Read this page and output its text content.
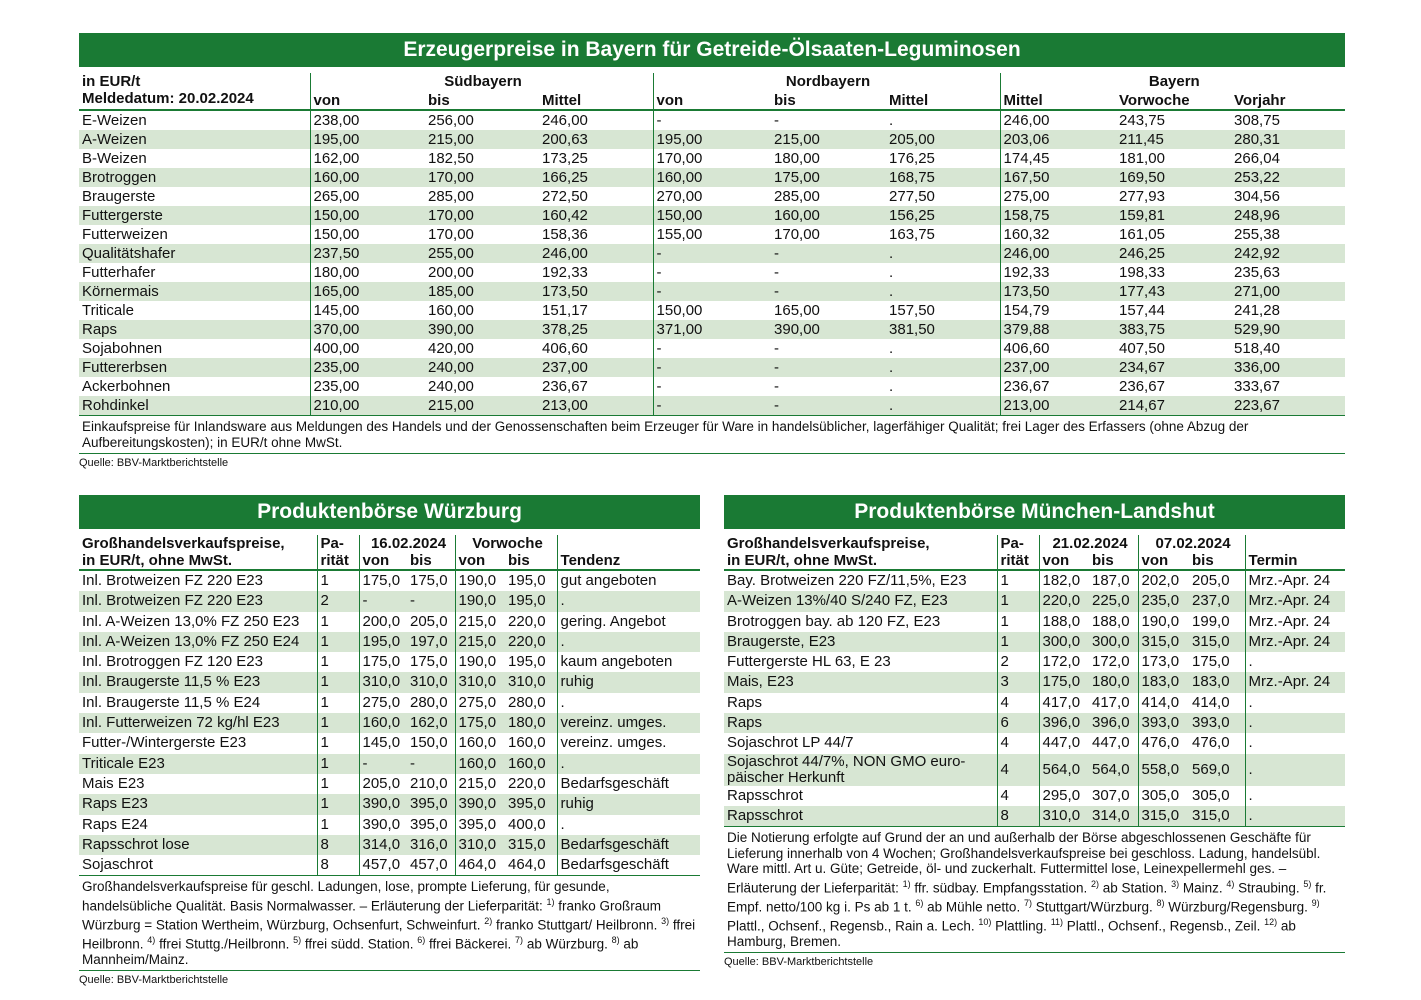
Erzeugerpreise in Bayern für Getreide-Ölsaaten-Leguminosen
in EUR/t	Südbayern			Nordbayern			Bayern		
Meldedatum: 20.02.2024	von	bis	Mittel	von	bis	Mittel	Mittel	Vorwoche	Vorjahr
E-Weizen	238,00	256,00	246,00	-	-	.	246,00	243,75	308,75
A-Weizen	195,00	215,00	200,63	195,00	215,00	205,00	203,06	211,45	280,31
B-Weizen	162,00	182,50	173,25	170,00	180,00	176,25	174,45	181,00	266,04
Brotroggen	160,00	170,00	166,25	160,00	175,00	168,75	167,50	169,50	253,22
Braugerste	265,00	285,00	272,50	270,00	285,00	277,50	275,00	277,93	304,56
Futtergerste	150,00	170,00	160,42	150,00	160,00	156,25	158,75	159,81	248,96
Futterweizen	150,00	170,00	158,36	155,00	170,00	163,75	160,32	161,05	255,38
Qualitätshafer	237,50	255,00	246,00	-	-	.	246,00	246,25	242,92
Futterhafer	180,00	200,00	192,33	-	-	.	192,33	198,33	235,63
Körnermais	165,00	185,00	173,50	-	-	.	173,50	177,43	271,00
Triticale	145,00	160,00	151,17	150,00	165,00	157,50	154,79	157,44	241,28
Raps	370,00	390,00	378,25	371,00	390,00	381,50	379,88	383,75	529,90
Sojabohnen	400,00	420,00	406,60	-	-	.	406,60	407,50	518,40
Futtererbsen	235,00	240,00	237,00	-	-	.	237,00	234,67	336,00
Ackerbohnen	235,00	240,00	236,67	-	-	.	236,67	236,67	333,67
Rohdinkel	210,00	215,00	213,00	-	-	.	213,00	214,67	223,67
Einkaufspreise für Inlandsware aus Meldungen des Handels und der Genossenschaften beim Erzeuger für Ware in handelsüblicher, lagerfähiger Qualität; frei Lager des Erfassers (ohne Abzug der Aufbereitungskosten); in EUR/t ohne MwSt.
Quelle: BBV-Marktberichtstelle
Produktenbörse Würzburg
Großhandelsverkaufspreise,	Pa-	16.02.2024		Vorwoche		
in EUR/t, ohne MwSt.	rität	von	bis	von	bis	Tendenz
Inl. Brotweizen FZ 220 E23	1	175,0	175,0	190,0	195,0	gut angeboten
Inl. Brotweizen FZ 220 E23	2	-	-	190,0	195,0	.
Inl. A-Weizen 13,0% FZ 250 E23	1	200,0	205,0	215,0	220,0	gering. Angebot
Inl. A-Weizen 13,0% FZ 250 E24	1	195,0	197,0	215,0	220,0	.
Inl. Brotroggen FZ 120 E23	1	175,0	175,0	190,0	195,0	kaum angeboten
Inl. Braugerste 11,5 % E23	1	310,0	310,0	310,0	310,0	ruhig
Inl. Braugerste 11,5 % E24	1	275,0	280,0	275,0	280,0	.
Inl. Futterweizen 72 kg/hl E23	1	160,0	162,0	175,0	180,0	vereinz. umges.
Futter-/Wintergerste E23	1	145,0	150,0	160,0	160,0	vereinz. umges.
Triticale E23	1	-	-	160,0	160,0	.
Mais E23	1	205,0	210,0	215,0	220,0	Bedarfsgeschäft
Raps E23	1	390,0	395,0	390,0	395,0	ruhig
Raps E24	1	390,0	395,0	395,0	400,0	.
Rapsschrot lose	8	314,0	316,0	310,0	315,0	Bedarfsgeschäft
Sojaschrot	8	457,0	457,0	464,0	464,0	Bedarfsgeschäft
Großhandelsverkaufspreise für geschl. Ladungen, lose, prompte Lieferung, für gesunde, handelsübliche Qualität. Basis Normalwasser. – Erläuterung der Lieferparität: $^{1)}$ franko Großraum Würzburg = Station Wertheim, Würzburg, Ochsenfurt, Schweinfurt. $^{2)}$ franko Stuttgart/ Heilbronn. $^{3)}$ ffrei Heilbronn. $^{4)}$ ffrei Stuttg./Heilbronn. $^{5)}$ ffrei südd. Station. $^{6)}$ ffrei Bäckerei. $^{7)}$ ab Würzburg. $^{8)}$ ab Mannheim/Mainz.
Quelle: BBV-Marktberichtstelle
Produktenbörse München-Landshut
Großhandelsverkaufspreise,	Pa-	21.02.2024		07.02.2024		
in EUR/t, ohne MwSt.	rität	von	bis	von	bis	Termin
Bay. Brotweizen 220 FZ/11,5%, E23	1	182,0	187,0	202,0	205,0	Mrz.-Apr. 24
A-Weizen 13%/40 S/240 FZ, E23	1	220,0	225,0	235,0	237,0	Mrz.-Apr. 24
Brotroggen bay. ab 120 FZ, E23	1	188,0	188,0	190,0	199,0	Mrz.-Apr. 24
Braugerste, E23	1	300,0	300,0	315,0	315,0	Mrz.-Apr. 24
Futtergerste HL 63, E 23	2	172,0	172,0	173,0	175,0	.
Mais, E23	3	175,0	180,0	183,0	183,0	Mrz.-Apr. 24
Raps	4	417,0	417,0	414,0	414,0	.
Raps	6	396,0	396,0	393,0	393,0	.
Sojaschrot LP 44/7	4	447,0	447,0	476,0	476,0	.

Sojaschrot 44/7%, NON GMO euro-
päischer Herkunft	4	564,0	564,0	558,0	569,0	.
Rapsschrot	4	295,0	307,0	305,0	305,0	.
Rapsschrot	8	310,0	314,0	315,0	315,0	.
Die Notierung erfolgte auf Grund der an und außerhalb der Börse abgeschlossenen Geschäfte für Lieferung innerhalb von 4 Wochen; Großhandelsverkaufspreise bei geschloss. Ladung, handelsübl. Ware mittl. Art u. Güte; Getreide, öl- und zuckerhalt. Futtermittel lose, Leinexpellermehl ges. – Erläuterung der Lieferparität: $^{1)}$ ffr. südbay. Empfangsstation. $^{2)}$ ab Station. $^{3)}$ Mainz. $^{4)}$ Straubing. $^{5)}$ fr. Empf. netto/100 kg i. Ps ab 1 t. $^{6)}$ ab Mühle netto. $^{7)}$ Stuttgart/Würzburg. $^{8)}$ Würzburg/Regensburg. $^{9)}$ Plattl., Ochsenf., Regensb., Rain a. Lech. $^{10)}$ Plattling. $^{11)}$ Plattl., Ochsenf., Regensb., Zeil. $^{12)}$ ab Hamburg, Bremen.
Quelle: BBV-Marktberichtstelle
